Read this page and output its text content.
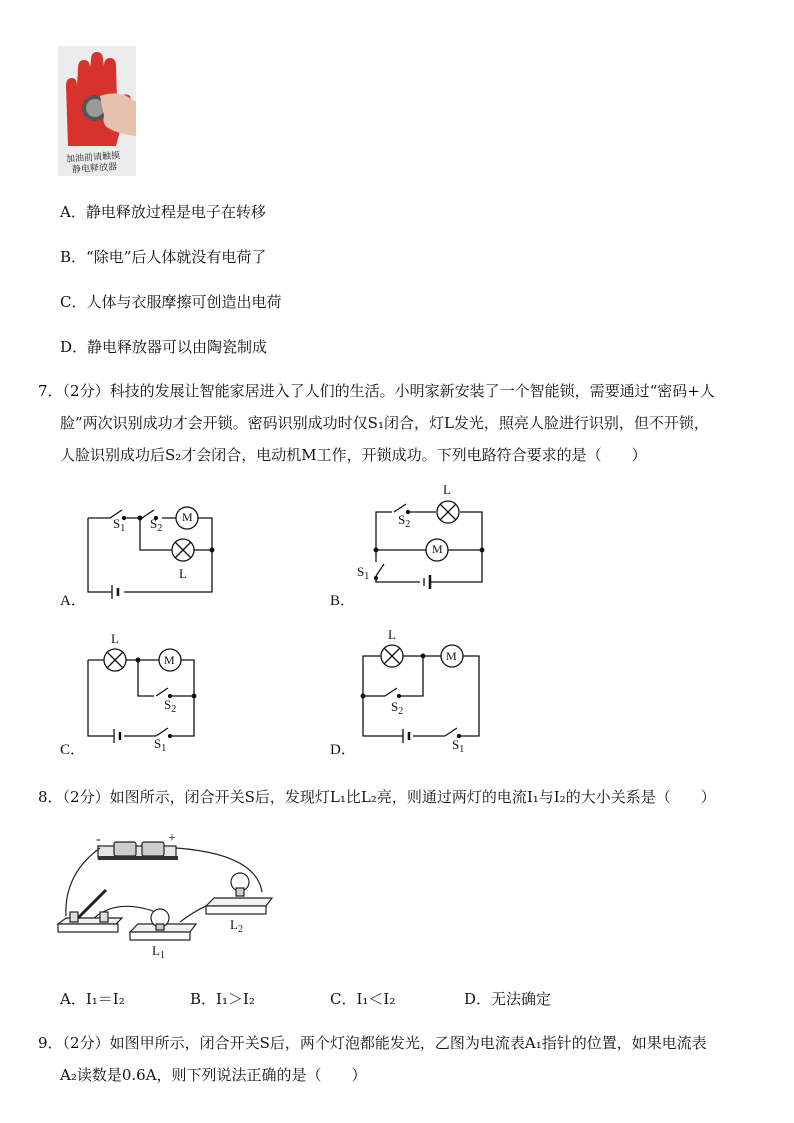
加油前请触摸
静电释放器
A．静电释放过程是电子在转移
B．“除电”后人体就没有电荷了
C．人体与衣服摩擦可创造出电荷
D．静电释放器可以由陶瓷制成
7．（2分）科技的发展让智能家居进入了人们的生活。小明家新安装了一个智能锁，需要通过“密码+人
脸”两次识别成功才会开锁。密码识别成功时仅S₁闭合，灯L发光，照亮人脸进行识别，但不开锁，
人脸识别成功后S₂才会闭合，电动机M工作，开锁成功。下列电路符合要求的是（　　）
A．
$S_1$ $S_2$
M
L
B．
L
$S_2$
M
$S_1$
C．
L
M
$S_2$
$S_1$	D．
L
M
$S_2$
$S_1$
8．（2分）如图所示，闭合开关S后，发现灯L₁比L₂亮，则通过两灯的电流I₁与I₂的大小关系是（　　）
-	+
$L_1$
$L_2$
A．I₁＝I₂	B．I₁＞I₂	C．I₁＜I₂	D．无法确定
9．（2分）如图甲所示，闭合开关S后，两个灯泡都能发光，乙图为电流表A₁指针的位置，如果电流表
A₂读数是0.6A，则下列说法正确的是（　　）
